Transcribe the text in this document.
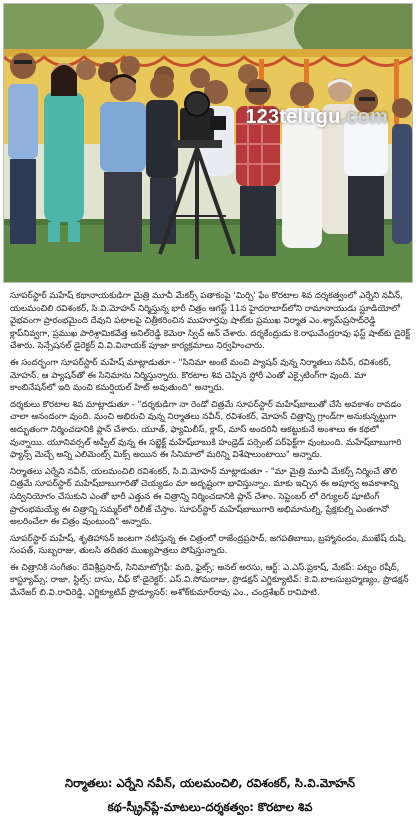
123telugu.com

సూపర్‌స్టార్ మహేష్ కథానాయకుడిగా మైత్రి మూవీ మేకర్స్ పతాకంపై 'మిర్చి' ఫేం కొరటాల శివ దర్శకత్వంలో ఎర్నేని నవీన్, యలమంచిలి రవిశంకర్, సి.వి.మోహన్ నిర్మిస్తున్న భారీ చిత్రం ఆగస్ట్ 11న హైదరాబాద్‌లోని రామానాయుడు స్టూడియోలో వైభవంగా ప్రారంభమైంది దేవుని పటాలపై చిత్రీకరించిన ముహూర్తపు షాట్‌కు ప్రముఖ నిర్మాత ఎం.శ్యామ్‌ప్రసాద్‌రెడ్డి క్లాప్‌నివ్వగా, ప్రముఖ పారిశ్రామికవేత్త అనిల్‌రెడ్డి కెమెరా స్విచ్ ఆన్ చేశారు. దర్శకేంద్రుడు కె.రాఘవేంద్రరావు ఫస్ట్ షాట్‌కు డైరెక్ట్ చేశారు. సెన్సేషనల్ డైరెక్టర్ వి.వి.వినాయక్ పూజా కార్యక్రమాలు నిర్వహించారు.

ఈ సందర్భంగా సూపర్‌స్టార్ మహేష్ మాట్లాడుతూ - "సినిమా అంటే మంచి ప్యాషన్ వున్న నిర్మాతలు నవీన్, రవిశంకర్, మోహన్. ఆ ప్యాషన్‌తో ఈ సినిమాను నిర్మిస్తున్నారు. కొరటాల శివ చెప్పిన స్టోరీ ఎంతో ఎక్సైటింగ్‌గా వుంది. మా కాంబినేషన్‌లో ఇది మంచి కమర్షియల్ హిట్ అవుతుంది" అన్నారు.

దర్శకులు కొరటాల శివ మాట్లాడుతూ - "దర్శకుడిగా నా రెండో చిత్రమే సూపర్‌స్టార్ మహేష్‌బాబుతో చేసే అవకాశం రావడం చాలా ఆనందంగా వుంది. మంచి అభిరుచి వున్న నిర్మాతలు నవీన్, రవిశంకర్, మోహన్ చిత్రాన్ని గ్రాండ్‌గా అనుకున్నట్టుగా అద్భుతంగా నిర్మించడానికి ప్లాన్ చేశారు. యూత్, ఫ్యామిలీస్, క్లాస్, మాస్ అందరినీ ఆకట్టుకునే అంశాలు ఈ కథలో వున్నాయి. యూనివర్సల్ అప్పీల్ వున్న ఈ సబ్జెక్ట్ మహేష్‌బాబుకి హండ్రెడ్ పర్సెంట్ పర్‌ఫెక్ట్‌గా వుంటుంది. మహేష్‌బాబుగారి ఫ్యాన్స్ మెచ్చే అన్ని ఎలిమెంట్స్ మిక్స్ అయిన ఈ సినిమాలో మరిన్ని విశేషాలుంటాయి" అన్నారు.

నిర్మాతలు ఎర్నేని నవీన్, యలమంచిలి రవిశంకర్, సి.వి.మోహన్ మాట్లాడుతూ - "మా మైత్రి మూవీ మేకర్స్ నిర్మించే తొలి చిత్రమే సూపర్‌స్టార్ మహేష్‌బాబుగారితో చెయ్యడం మా అదృష్టంగా భావిస్తున్నాం. మాకు ఇచ్చిన ఈ అపూర్వ అవకాశాన్ని సద్వినియోగం చేసుకుని ఎంతో భారీ ఎత్తున ఈ చిత్రాన్ని నిర్మించడానికి ప్లాన్ చేశాం. సెప్టెంబర్ లో రెగ్యులర్ షూటింగ్ ప్రారంభమయ్యే ఈ చిత్రాన్ని సమ్మర్‌లో రిలీజ్ చేస్తాం. సూపర్‌స్టార్ మహేష్‌బాబుగారి అభిమానుల్ని, ప్రేక్షకుల్ని ఎంతగానో అలరించేలా ఈ చిత్రం వుంటుంది" అన్నారు.

సూపర్‌స్టార్ మహేష్, శృతిహాసన్ జంటగా నటిస్తున్న ఈ చిత్రంలో రాజేంద్రప్రసాద్, జగపతిబాబు, బ్రహ్మానందం, ముఖేష్ రుషి, సంపత్, సుబ్బరాజు, తులసి తదితర ముఖ్యపాత్రలు పోషిస్తున్నారు.

ఈ చిత్రానికి సంగీతం: దేవిశ్రీప్రసాద్, సినిమాటోగ్రఫీ: మది, ఫైట్స్: అనల్ అరసు, ఆర్ట్: ఎ.ఎస్.ప్రకాష్, మేకప్: పట్నం రషీద్, కాస్ట్యూమ్స్: రాజా, స్టిల్స్: దాసు, చీఫ్ కో-డైరెక్టర్: ఎస్.వి.సోమరాజు, ప్రొడక్షన్ ఎగ్జిక్యూటివ్: కె.వి.బాలసుబ్రహ్మణ్యం, ప్రొడక్షన్ మేనేజర్ బి.వి.రావిరెడ్డి, ఎగ్జిక్యూటివ్ ప్రొడ్యూసర్: అశోక్‌కుమార్‌రావు ఎం., చంద్రశేఖర్ రావిపాటి.

నిర్మాతలు: ఎర్నేని నవీన్, యలమంచిలి, రవిశంకర్, సి.వి.మోహన్
కథ-స్క్రీన్‌ప్లే-మాటలు-దర్శకత్వం: కొరటాల శివ
